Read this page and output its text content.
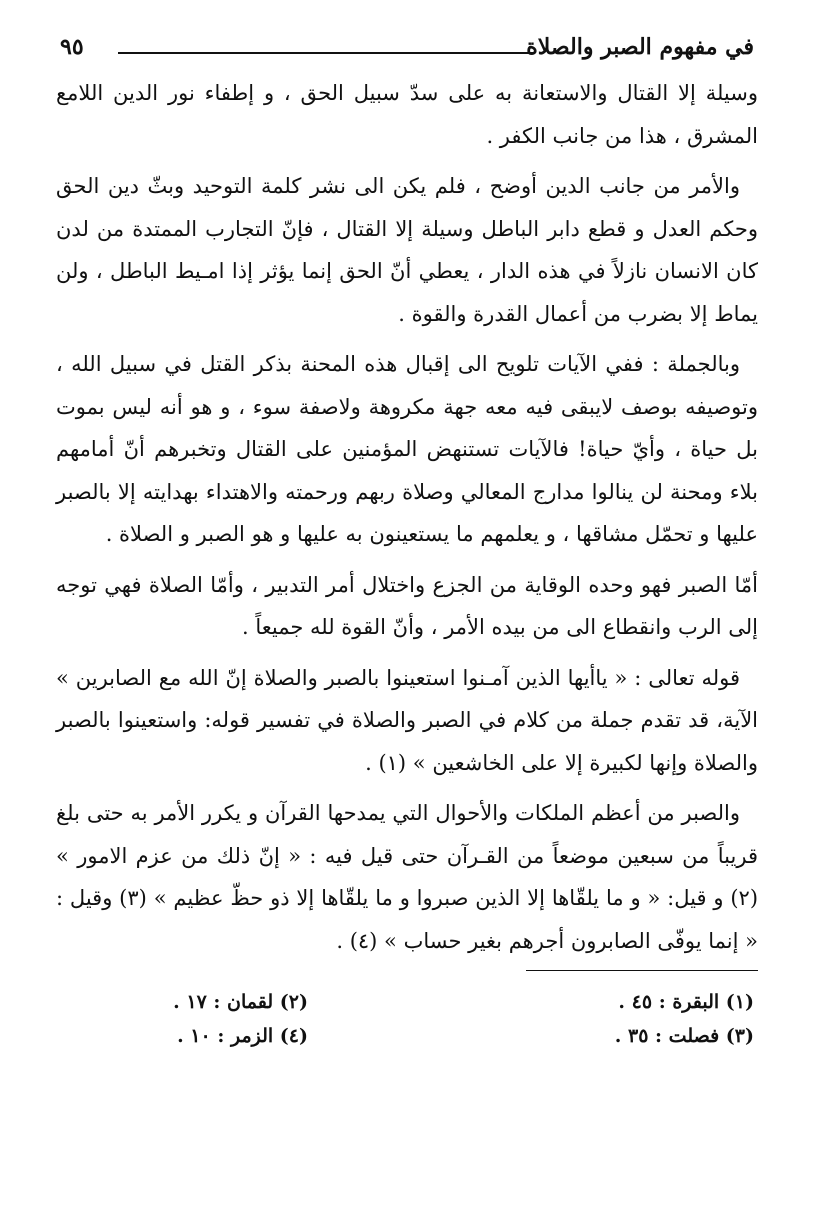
في مفهوم الصبر والصلاة
٩٥

وسيلة إلا القتال والاستعانة به على سدّ سبيل الحق ، و إطفاء نور الدين اللامع المشرق ، هذا من جانب الكفر .

والأمر من جانب الدين أوضح ، فلم يكن الى نشر كلمة التوحيد وبثّ دين الحق وحكم العدل و قطع دابر الباطل وسيلة إلا القتال ، فإنّ التجارب الممتدة من لدن كان الانسان نازلاً في هذه الدار ، يعطي أنّ الحق إنما يؤثر إذا امـيط الباطل ، ولن يماط إلا بضرب من أعمال القدرة والقوة .

وبالجملة : ففي الآيات تلويح الى إقبال هذه المحنة بذكر القتل في سبيل الله ، وتوصيفه بوصف لايبقى فيه معه جهة مكروهة ولاصفة سوء ، و هو أنه ليس بموت بل حياة ، وأيّ حياة! فالآيات تستنهض المؤمنين على القتال وتخبرهم أنّ أمامهم بلاء ومحنة لن ينالوا مدارج المعالي وصلاة ربهم ورحمته والاهتداء بهدايته إلا بالصبر عليها و تحمّل مشاقها ، و يعلمهم ما يستعينون به عليها و هو الصبر و الصلاة .

أمّا الصبر فهو وحده الوقاية من الجزع واختلال أمر التدبير ، وأمّا الصلاة فهي توجه إلى الرب وانقطاع الى من بيده الأمر ، وأنّ القوة لله جميعاً .

قوله تعالى : « ياأيها الذين آمـنوا استعينوا بالصبر والصلاة إنّ الله مع الصابرين » الآية، قد تقدم جملة من كلام في الصبر والصلاة في تفسير قوله: واستعينوا بالصبر والصلاة وإنها لكبيرة إلا على الخاشعين » (١) .

والصبر من أعظم الملكات والأحوال التي يمدحها القرآن و يكرر الأمر به حتى بلغ قريباً من سبعين موضعاً من القـرآن حتى قيل فيه : « إنّ ذلك من عزم الامور » (٢) و قيل: « و ما يلقّاها إلا الذين صبروا و ما يلقّاها إلا ذو حظّ عظيم » (٣) وقيل : « إنما يوفّى الصابرون أجرهم بغير حساب » (٤) .

(١) البقرة : ٤٥ .
(٢) لقمان : ١٧ .
(٣) فصلت : ٣٥ .
(٤) الزمر : ١٠ .
